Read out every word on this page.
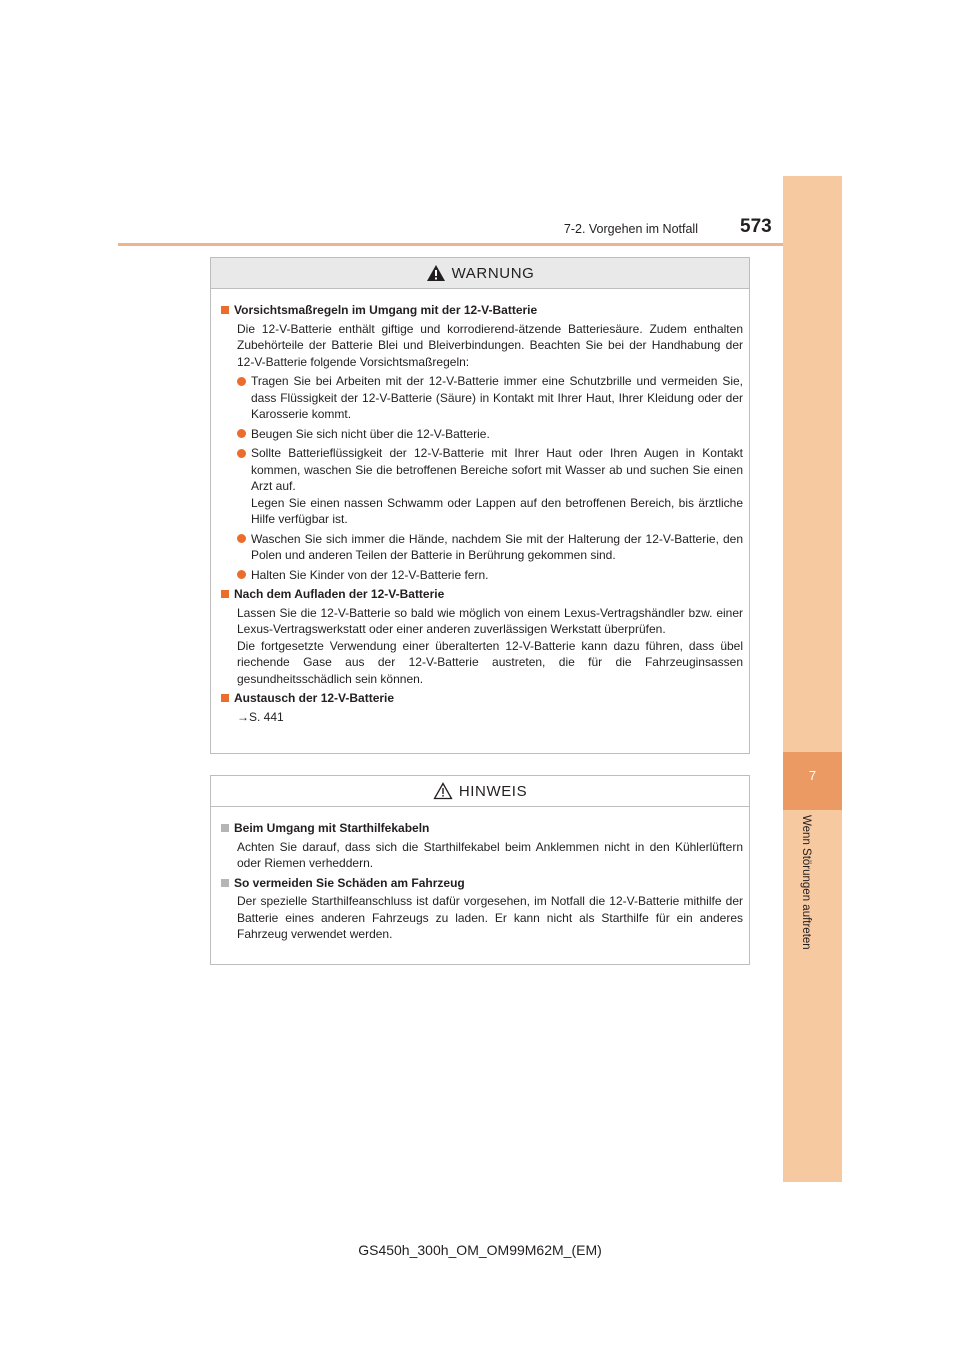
7-2. Vorgehen im Notfall 573
7
Wenn Störungen auftreten
WARNUNG
Vorsichtsmaßregeln im Umgang mit der 12-V-Batterie

Die 12-V-Batterie enthält giftige und korrodierend-ätzende Batteriesäure. Zudem enthalten Zubehörteile der Batterie Blei und Bleiverbindungen. Beachten Sie bei der Handhabung der 12-V-Batterie folgende Vorsichtsmaßregeln:

Tragen Sie bei Arbeiten mit der 12-V-Batterie immer eine Schutzbrille und vermeiden Sie, dass Flüssigkeit der 12-V-Batterie (Säure) in Kontakt mit Ihrer Haut, Ihrer Kleidung oder der Karosserie kommt.
Beugen Sie sich nicht über die 12-V-Batterie.
Sollte Batterieflüssigkeit der 12-V-Batterie mit Ihrer Haut oder Ihren Augen in Kontakt kommen, waschen Sie die betroffenen Bereiche sofort mit Wasser ab und suchen Sie einen Arzt auf.
Legen Sie einen nassen Schwamm oder Lappen auf den betroffenen Bereich, bis ärztliche Hilfe verfügbar ist.
Waschen Sie sich immer die Hände, nachdem Sie mit der Halterung der 12-V-Batterie, den Polen und anderen Teilen der Batterie in Berührung gekommen sind.
Halten Sie Kinder von der 12-V-Batterie fern.
Nach dem Aufladen der 12-V-Batterie

Lassen Sie die 12-V-Batterie so bald wie möglich von einem Lexus-Vertragshändler bzw. einer Lexus-Vertragswerkstatt oder einer anderen zuverlässigen Werkstatt überprüfen.
Die fortgesetzte Verwendung einer überalterten 12-V-Batterie kann dazu führen, dass übel riechende Gase aus der 12-V-Batterie austreten, die für die Fahrzeuginsassen gesundheitsschädlich sein können.

Austausch der 12-V-Batterie

→S. 441

HINWEIS
Beim Umgang mit Starthilfekabeln

Achten Sie darauf, dass sich die Starthilfekabel beim Anklemmen nicht in den Kühlerlüftern oder Riemen verheddern.

So vermeiden Sie Schäden am Fahrzeug

Der spezielle Starthilfeanschluss ist dafür vorgesehen, im Notfall die 12-V-Batterie mithilfe der Batterie eines anderen Fahrzeugs zu laden. Er kann nicht als Starthilfe für ein anderes Fahrzeug verwendet werden.

GS450h_300h_OM_OM99M62M_(EM)
